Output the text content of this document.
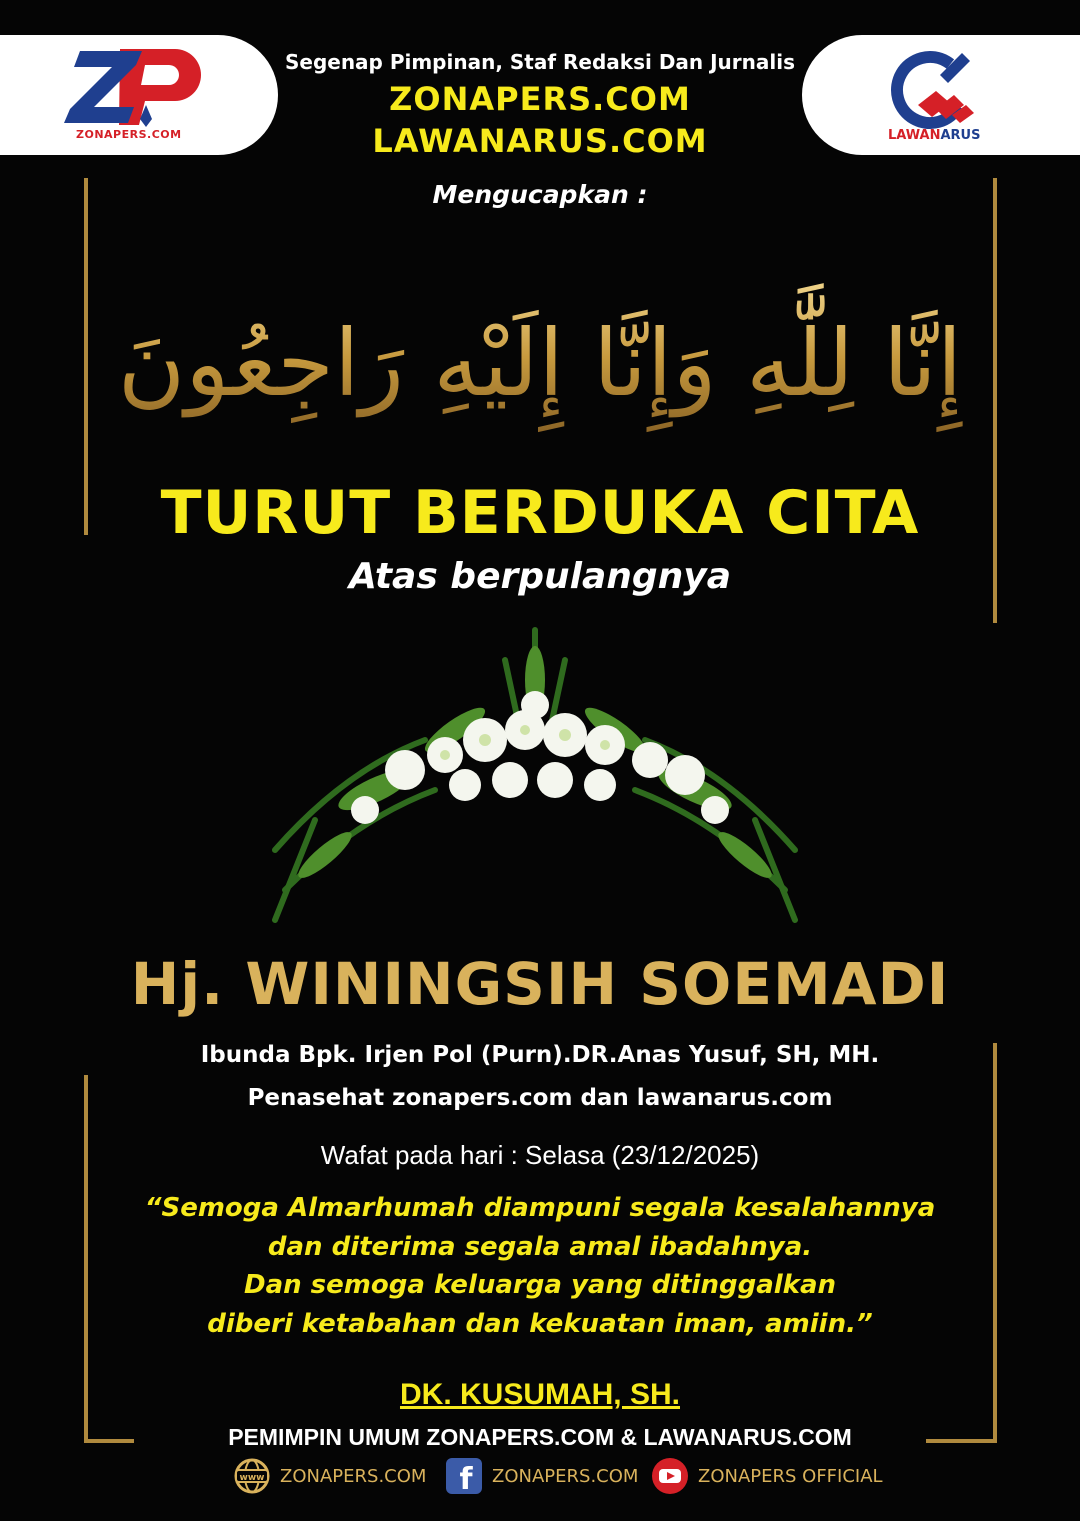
ZONAPERS.COM	LAWANARUS
Segenap Pimpinan, Staf Redaksi Dan Jurnalis
ZONAPERS.COM
LAWANARUS.COM
Mengucapkan :
إِنَّا لِلَّٰهِ وَإِنَّا إِلَيْهِ رَاجِعُونَ
TURUT BERDUKA CITA
Atas berpulangnya
Hj. WININGSIH SOEMADI
Ibunda Bpk. Irjen Pol (Purn).DR.Anas Yusuf, SH, MH.
Penasehat zonapers.com dan lawanarus.com
Wafat pada hari : Selasa (23/12/2025)
“Semoga Almarhumah diampuni segala kesalahannya
dan diterima segala amal ibadahnya.
Dan semoga keluarga yang ditinggalkan
diberi ketabahan dan kekuatan iman, amiin.”
DK. KUSUMAH, SH.
PEMIMPIN UMUM ZONAPERS.COM & LAWANARUS.COM
www ZONAPERS.COM f ZONAPERS.COM	ZONAPERS OFFICIAL
